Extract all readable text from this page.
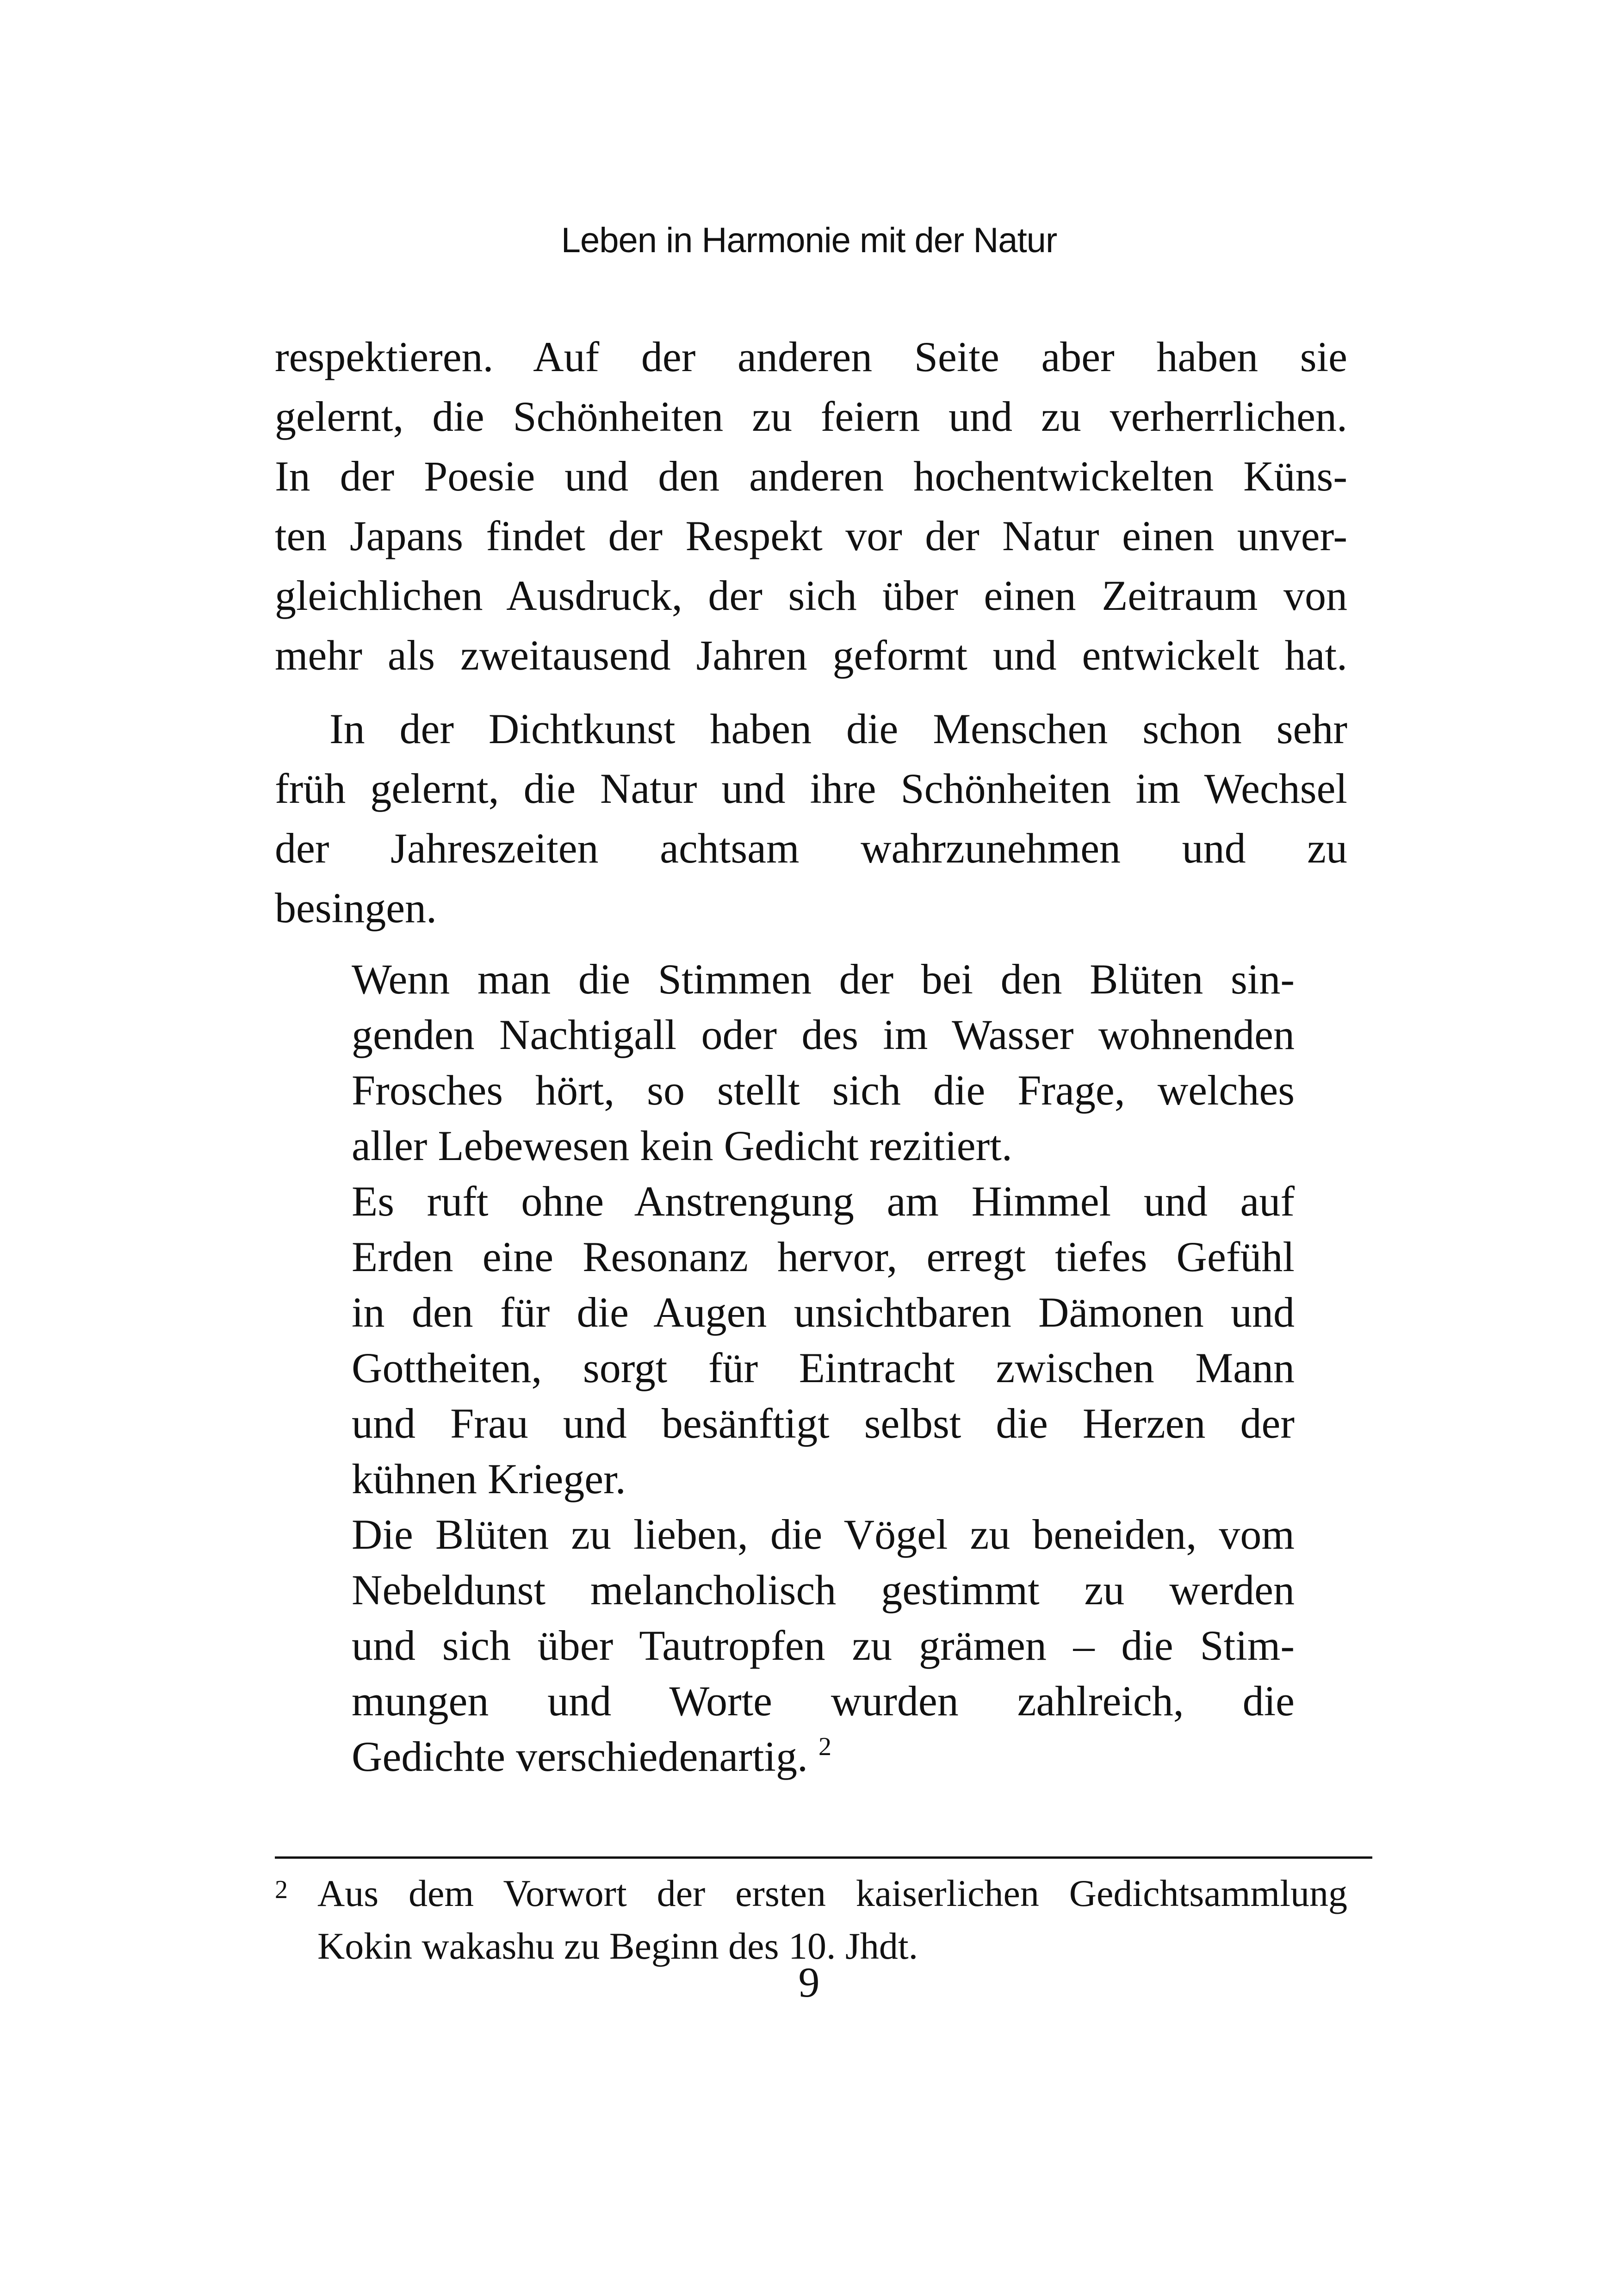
Leben in Harmonie mit der Natur
respektieren. Auf der anderen Seite aber haben sie
gelernt, die Schönheiten zu feiern und zu verherrlichen.
In der Poesie und den anderen hochentwickelten Küns-
ten Japans findet der Respekt vor der Natur einen unver-
gleichlichen Ausdruck, der sich über einen Zeitraum von
mehr als zweitausend Jahren geformt und entwickelt hat.
In der Dichtkunst haben die Menschen schon sehr
früh gelernt, die Natur und ihre Schönheiten im Wechsel
der Jahreszeiten achtsam wahrzunehmen und zu
besingen.
Wenn man die Stimmen der bei den Blüten sin-
genden Nachtigall oder des im Wasser wohnenden
Frosches hört, so stellt sich die Frage, welches
aller Lebewesen kein Gedicht rezitiert.
Es ruft ohne Anstrengung am Himmel und auf
Erden eine Resonanz hervor, erregt tiefes Gefühl
in den für die Augen unsichtbaren Dämonen und
Gottheiten, sorgt für Eintracht zwischen Mann
und Frau und besänftigt selbst die Herzen der
kühnen Krieger.
Die Blüten zu lieben, die Vögel zu beneiden, vom
Nebeldunst melancholisch gestimmt zu werden
und sich über Tautropfen zu grämen – die Stim-
mungen und Worte wurden zahlreich, die
Gedichte verschiedenartig. $^2$
2 Aus dem Vorwort der ersten kaiserlichen Gedichtsammlung
Kokin wakashu zu Beginn des 10. Jhdt.
9
